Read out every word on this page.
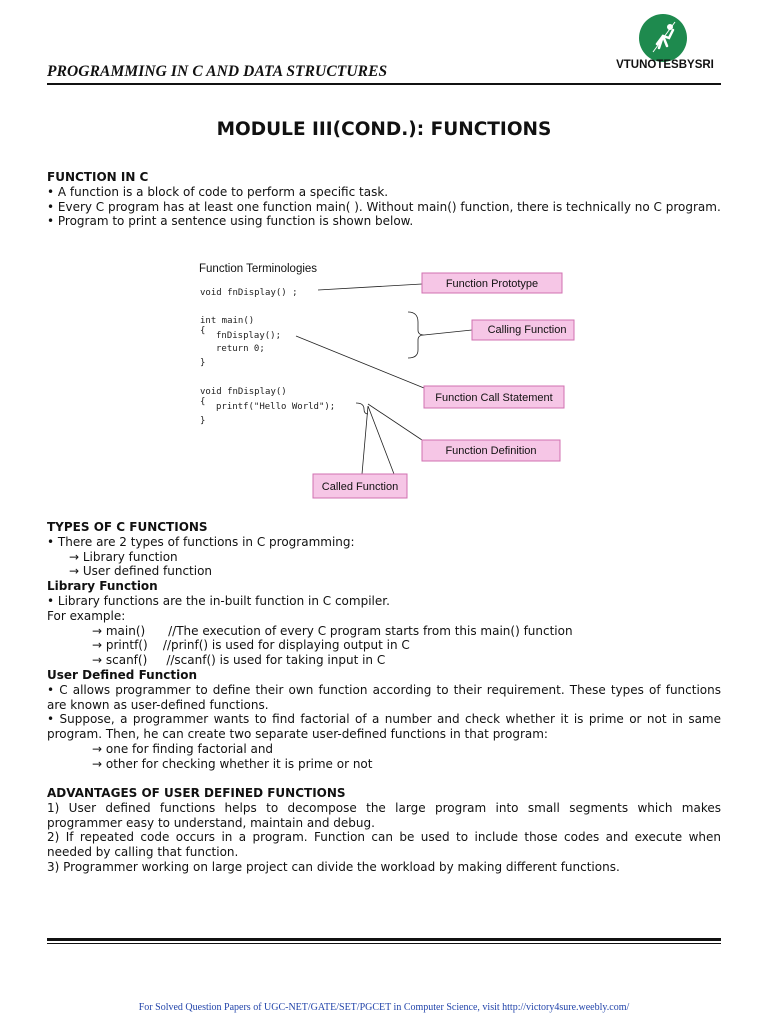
PROGRAMMING IN C AND DATA STRUCTURES	VTUNOTESBYSRI
MODULE III(COND.): FUNCTIONS
FUNCTION IN C
• A function is a block of code to perform a specific task.
• Every C program has at least one function main( ). Without main() function, there is technically no C program.
• Program to print a sentence using function is shown below.
Function Terminologies
void fnDisplay() ;
int main()
{ fnDisplay();
return 0;
}
void fnDisplay()
{ printf("Hello World");
}
Function Prototype
Calling Function
Function Call Statement
Function Definition
Called Function
TYPES OF C FUNCTIONS
• There are 2 types of functions in C programming:
→ Library function
→ User defined function
Library Function
• Library functions are the in-built function in C compiler.
For example:
→ main()      //The execution of every C program starts from this main() function
→ printf()    //prinf() is used for displaying output in C
→ scanf()     //scanf() is used for taking input in C
User Defined Function
• C allows programmer to define their own function according to their requirement. These types of functions are known as user-defined functions.
• Suppose, a programmer wants to find factorial of a number and check whether it is prime or not in same program. Then, he can create two separate user-defined functions in that program:
→ one for finding factorial and
→ other for checking whether it is prime or not
ADVANTAGES OF USER DEFINED FUNCTIONS
1) User defined functions helps to decompose the large program into small segments which makes programmer easy to understand, maintain and debug.
2) If repeated code occurs in a program. Function can be used to include those codes and execute when needed by calling that function.
3) Programmer working on large project can divide the workload by making different functions.
For Solved Question Papers of UGC-NET/GATE/SET/PGCET in Computer Science, visit http://victory4sure.weebly.com/
